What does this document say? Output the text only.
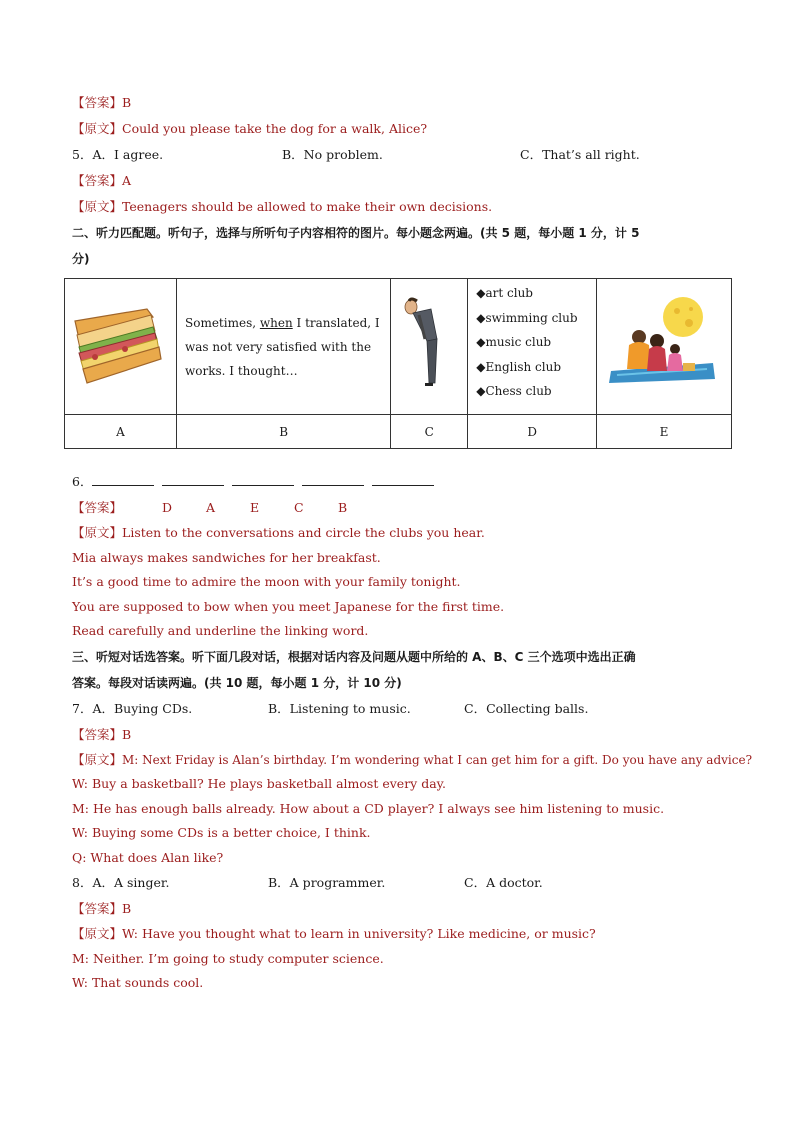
【答案】B
【原文】Could you please take the dog for a walk, Alice?
5．A．I agree.	B．No problem.	C．That’s all right.
【答案】A
【原文】Teenagers should be allowed to make their own decisions.
二、听力匹配题。听句子，选择与所听句子内容相符的图片。每小题念两遍。(共 5 题，每小题 1 分，计 5
分)
	Sometimes, when I translated, I was not very satisfied with the works. I thought…		◆art club
◆swimming club
◆music club
◆English club
◆Chess club

A	B	C	D	E
6．
【答案】	D	A	E	C	B
【原文】Listen to the conversations and circle the clubs you hear.
Mia always makes sandwiches for her breakfast.
It’s a good time to admire the moon with your family tonight.
You are supposed to bow when you meet Japanese for the first time.
Read carefully and underline the linking word.
三、听短对话选答案。听下面几段对话，根据对话内容及问题从题中所给的 A、B、C 三个选项中选出正确
答案。每段对话读两遍。(共 10 题，每小题 1 分，计 10 分)
7．A．Buying CDs.	B．Listening to music.	C．Collecting balls.
【答案】B
【原文】M: Next Friday is Alan’s birthday. I’m wondering what I can get him for a gift. Do you have any advice?
W: Buy a basketball? He plays basketball almost every day.
M: He has enough balls already. How about a CD player? I always see him listening to music.
W: Buying some CDs is a better choice, I think.
Q: What does Alan like?
8．A．A singer.	B．A programmer.	C．A doctor.
【答案】B
【原文】W: Have you thought what to learn in university? Like medicine, or music?
M: Neither. I’m going to study computer science.
W: That sounds cool.
